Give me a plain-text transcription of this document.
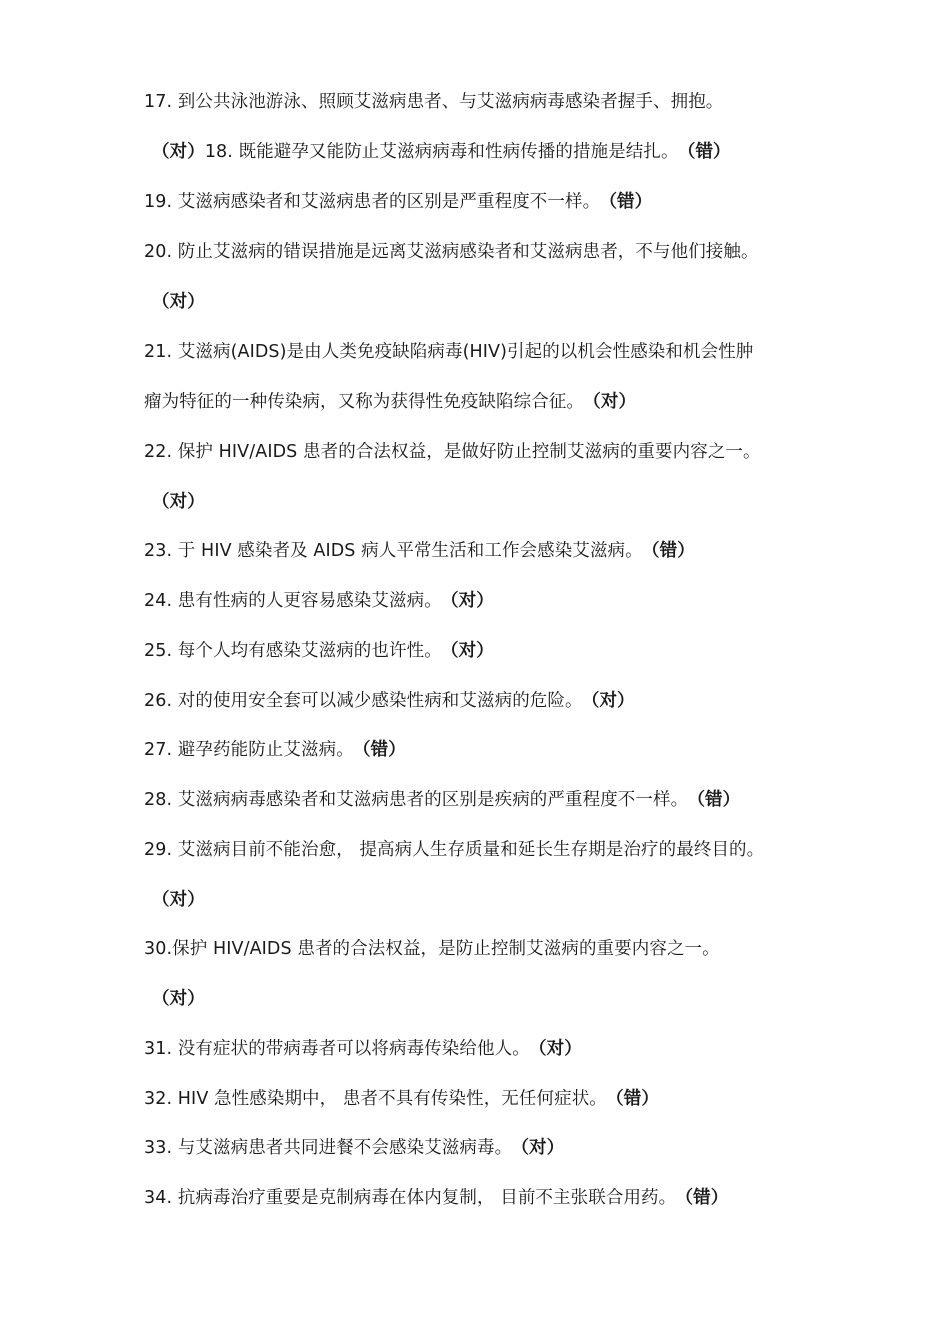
17. 到公共泳池游泳、照顾艾滋病患者、与艾滋病病毒感染者握手、拥抱。
（对）18. 既能避孕又能防止艾滋病病毒和性病传播的措施是结扎。 （错）
19. 艾滋病感染者和艾滋病患者的区别是严重程度不一样。 （错）
20. 防止艾滋病的错误措施是远离艾滋病感染者和艾滋病患者，不与他们接触。
（对）
21. 艾滋病(AIDS)是由人类免疫缺陷病毒(HIV)引起的以机会性感染和机会性肿
瘤为特征的一种传染病，又称为获得性免疫缺陷综合征。 （对）
22. 保护 HIV/AIDS 患者的合法权益，是做好防止控制艾滋病的重要内容之一。
（对）
23. 于 HIV 感染者及 AIDS 病人平常生活和工作会感染艾滋病。 （错）
24. 患有性病的人更容易感染艾滋病。 （对）
25. 每个人均有感染艾滋病的也许性。 （对）
26. 对的使用安全套可以减少感染性病和艾滋病的危险。 （对）
27. 避孕药能防止艾滋病。 （错）
28. 艾滋病病毒感染者和艾滋病患者的区别是疾病的严重程度不一样。 （错）
29. 艾滋病目前不能治愈， 提高病人生存质量和延长生存期是治疗的最终目的。
（对）
30.保护 HIV/AIDS 患者的合法权益，是防止控制艾滋病的重要内容之一。
（对）
31. 没有症状的带病毒者可以将病毒传染给他人。 （对）
32. HIV 急性感染期中， 患者不具有传染性，无任何症状。 （错）
33. 与艾滋病患者共同进餐不会感染艾滋病毒。 （对）
34. 抗病毒治疗重要是克制病毒在体内复制， 目前不主张联合用药。 （错）
